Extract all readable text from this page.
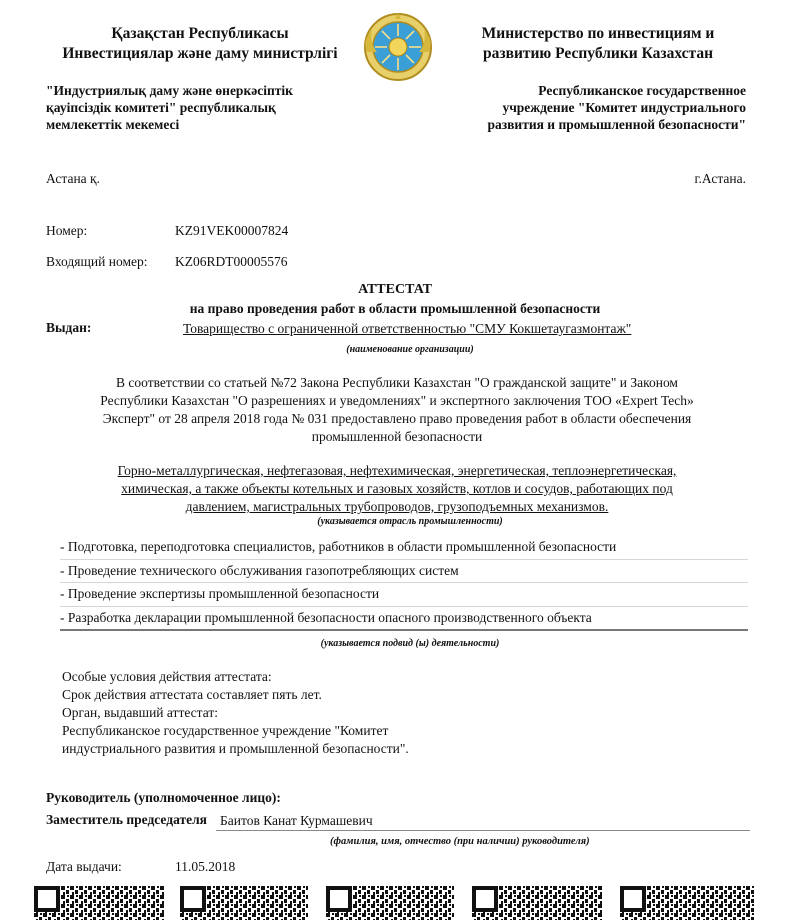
Қазақстан Республикасы
Инвестициялар және даму министрлігі
Министерство по инвестициям и
развитию Республики Казахстан
"Индустриялық даму және өнеркәсіптік
қауіпсіздік комитеті" республикалық
мемлекеттік мекемесі
Республиканское государственное
учреждение "Комитет индустриального
развития и промышленной безопасности"
Астана қ.	г.Астана.
Номер:	KZ91VEK00007824
Входящий номер: KZ06RDT00005576
АТТЕСТАТ
на право проведения работ в области промышленной безопасности
Выдан:	Товарищество с ограниченной ответственностью "СМУ Кокшетаугазмонтаж"
(наименование организации)
В соответствии со статьей №72 Закона Республики Казахстан "О гражданской защите" и Законом
Республики Казахстан "О разрешениях и уведомлениях" и экспертного заключения ТОО «Expert Tech»
Эксперт" от 28 апреля 2018 года № 031 предоставлено право проведения работ в области обеспечения
промышленной безопасности
Горно-металлургическая, нефтегазовая, нефтехимическая, энергетическая, теплоэнергетическая,
химическая, а также объекты котельных и газовых хозяйств, котлов и сосудов, работающих под
давлением, магистральных трубопроводов, грузоподъемных механизмов.
(указывается отрасль промышленности)
- Подготовка, переподготовка специалистов, работников в области промышленной безопасности
- Проведение технического обслуживания газопотребляющих систем
- Проведение экспертизы промышленной безопасности
- Разработка декларации промышленной безопасности опасного производственного объекта
(указывается подвид (ы) деятельности)
Особые условия действия аттестата:
Срок действия аттестата составляет пять лет.
Орган, выдавший аттестат:
Республиканское государственное учреждение "Комитет
индустриального развития и промышленной безопасности".
Руководитель (уполномоченное лицо):
Заместитель председателя Баитов Канат Курмашевич
(фамилия, имя, отчество (при наличии) руководителя)
Дата выдачи:	11.05.2018
